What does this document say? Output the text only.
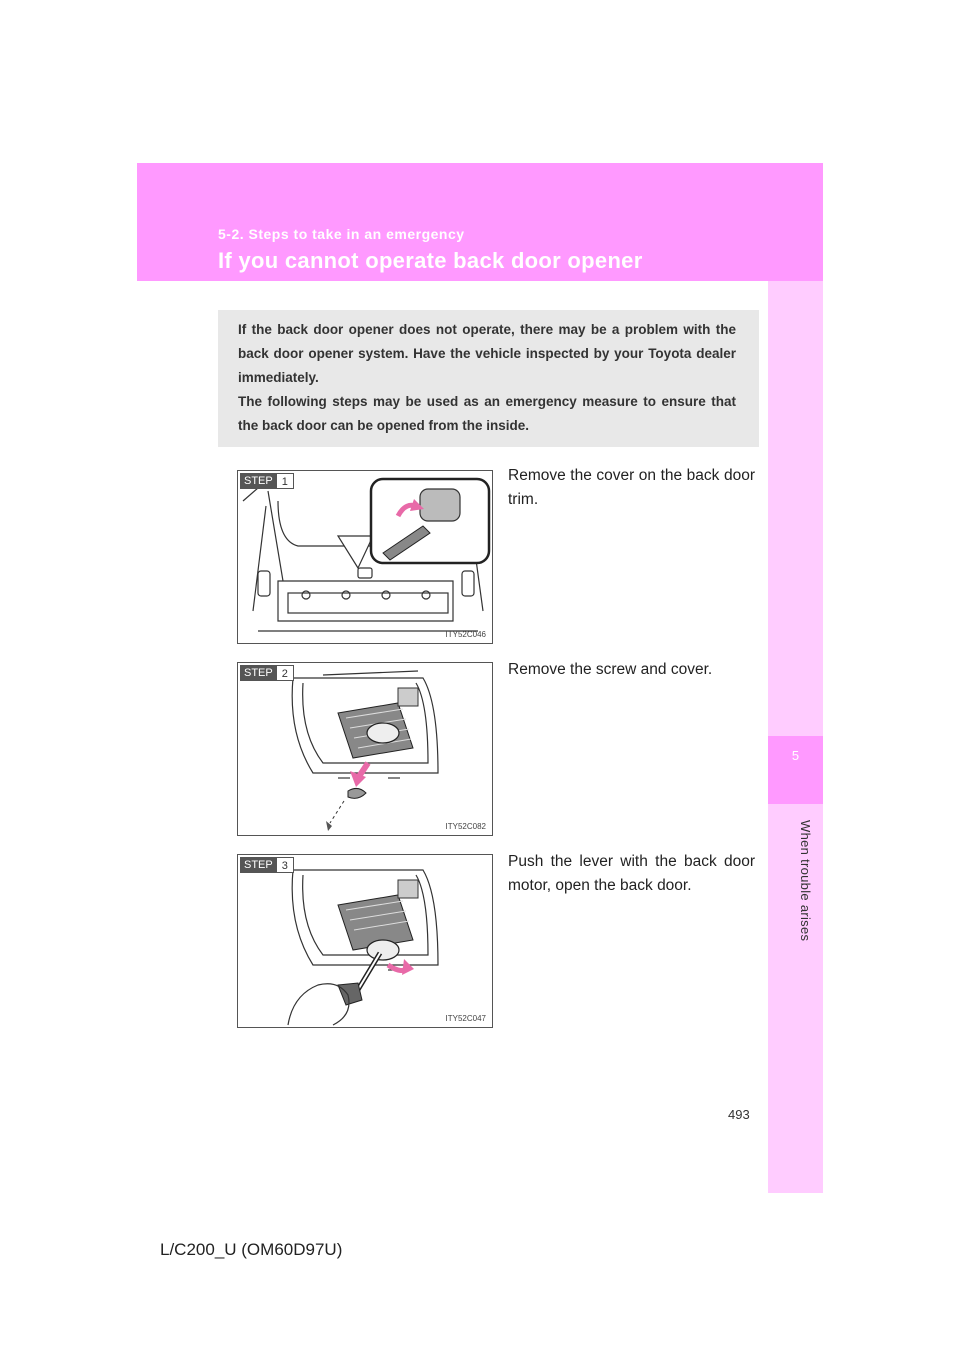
5-2. Steps to take in an emergency
If you cannot operate back door opener
5
When trouble arises

If the back door opener does not operate, there may be a problem with the back door opener system. Have the vehicle inspected by your Toyota dealer immediately.

The following steps may be used as an emergency measure to ensure that the back door can be opened from the inside.

STEP 1
ITY52C046
Remove the cover on the back door trim.
STEP 2
ITY52C082
Remove the screw and cover.
STEP 3
ITY52C047
Push the lever with the back door motor, open the back door.
493
L/C200_U (OM60D97U)
